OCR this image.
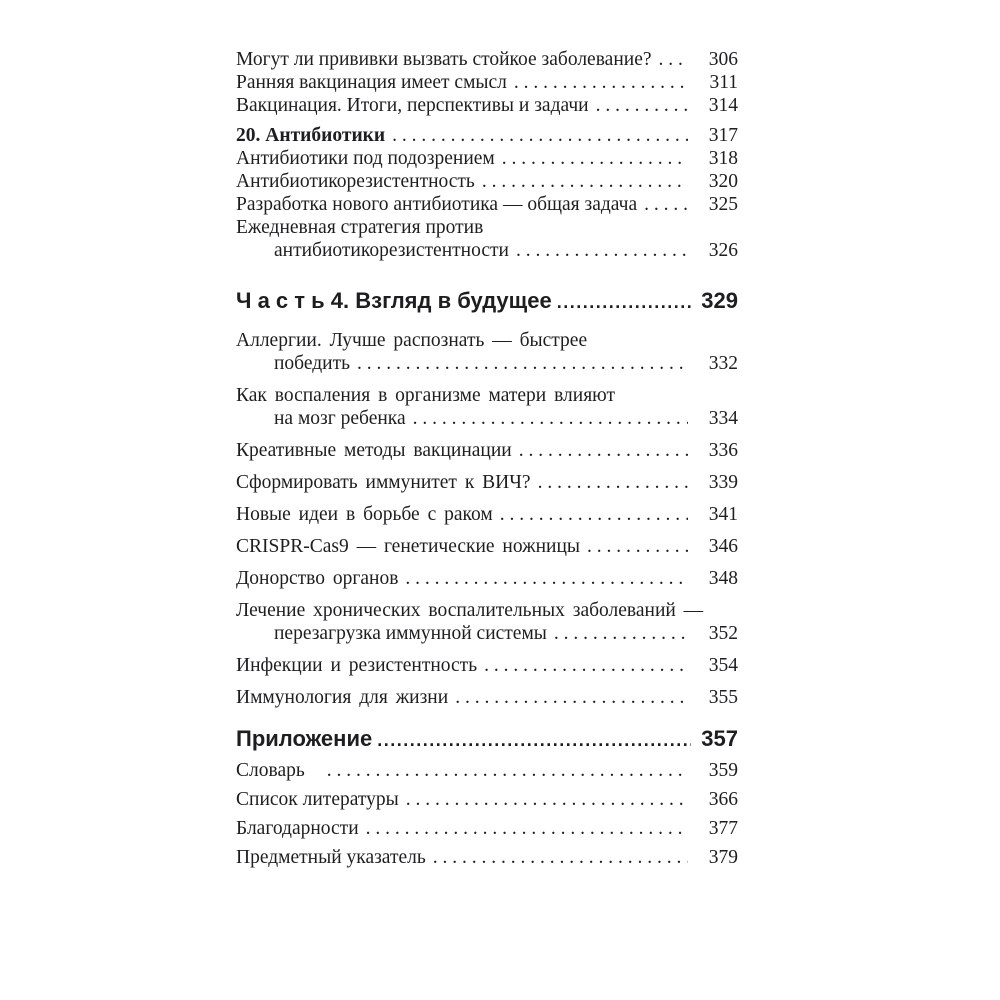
Могут ли прививки вызвать стойкое заболевание? . . .	306
Ранняя вакцинация имеет смысл . . .	311
Вакцинация. Итоги, перспективы и задачи . . .	314
20. Антибиотики . . .	317
Антибиотики под подозрением . . .	318
Антибиотикорезистентность . . .	320
Разработка нового антибиотика — общая задача . . .	325
Ежедневная стратегия против
антибиотикорезистентности . . .	326
Ч а с т ь 4. Взгляд в будущее .....	329
Аллергии. Лучше распознать — быстрее
победить . . .	332
Как воспаления в организме матери влияют
на мозг ребенка . . .	334
Креативные методы вакцинации . . .	336
Сформировать иммунитет к ВИЧ? . . .	339
Новые идеи в борьбе с раком . . .	341
CRISPR-Cas9 — генетические ножницы . . .	346
Донорство органов . . .	348
Лечение хронических воспалительных заболеваний —
перезагрузка иммунной системы . . .	352
Инфекции и резистентность . . .	354
Иммунология для жизни . . .	355
Приложение .....	357
Словарь . . .	359
Список литературы . . .	366
Благодарности . . .	377
Предметный указатель . . .	379
